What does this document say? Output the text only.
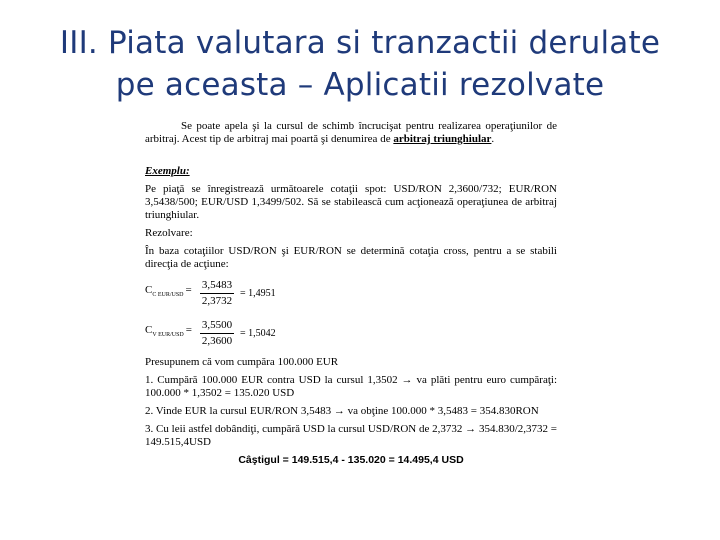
III. Piata valutara si tranzactii derulate
pe aceasta – Aplicatii rezolvate

Se poate apela şi la cursul de schimb încrucişat pentru realizarea operaţiunilor de arbitraj. Acest tip de arbitraj mai poartă şi denumirea de arbitraj triunghiular.

Exemplu:

Pe piaţă se înregistrează următoarele cotaţii spot: USD/RON 2,3600/732; EUR/RON 3,5438/500; EUR/USD 1,3499/502. Să se stabilească cum acţionează operaţiunea de arbitraj triunghiular.

Rezolvare:

În baza cotaţiilor USD/RON şi EUR/RON se determină cotaţia cross, pentru a se stabili direcţia de acţiune:

$C_{C EUR/USD} = \frac{3,5483}{2,3732} = 1,4951$
$C_{V EUR/USD} = \frac{3,5500}{2,3600} = 1,5042$

Presupunem că vom cumpăra 100.000 EUR

1. Cumpără 100.000 EUR contra USD la cursul 1,3502 → va plăti pentru euro cumpăraţi: 100.000 * 1,3502 = 135.020 USD

2. Vinde EUR la cursul EUR/RON 3,5483 → va obţine 100.000 * 3,5483 = 354.830RON

3. Cu leii astfel dobândiţi, cumpără USD la cursul USD/RON de 2,3732 → 354.830/2,3732 = 149.515,4USD

Câştigul = 149.515,4 - 135.020 = 14.495,4 USD
